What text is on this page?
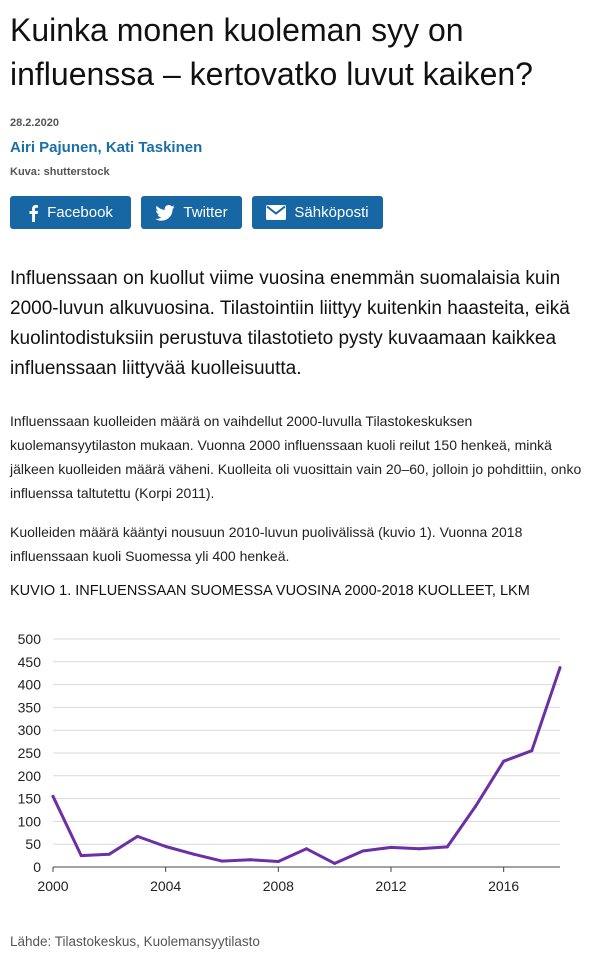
Kuinka monen kuoleman syy on influenssa – kertovatko luvut kaiken?
28.2.2020
Airi Pajunen, Kati Taskinen
Kuva: shutterstock
Facebook	Twitter	Sähköposti

Influenssaan on kuollut viime vuosina enemmän suomalaisia kuin 2000-luvun alkuvuosina. Tilastointiin liittyy kuitenkin haasteita, eikä kuolintodistuksiin perustuva tilastotieto pysty kuvaamaan kaikkea influenssaan liittyvää kuolleisuutta.

Influenssaan kuolleiden määrä on vaihdellut 2000-luvulla Tilastokeskuksen kuolemansyytilaston mukaan. Vuonna 2000 influenssaan kuoli reilut 150 henkeä, minkä jälkeen kuolleiden määrä väheni. Kuolleita oli vuosittain vain 20–60, jolloin jo pohdittiin, onko influenssa taltutettu (Korpi 2011).

Kuolleiden määrä kääntyi nousuun 2010-luvun puolivälissä (kuvio 1). Vuonna 2018 influenssaan kuoli Suomessa yli 400 henkeä.

KUVIO 1. INFLUENSSAAN SUOMESSA VUOSINA 2000-2018 KUOLLEET, LKM
0
50
100
150
200
250
300
350
400
450
500
2000	2004	2008	2012	2016
Lähde: Tilastokeskus, Kuolemansyytilasto
